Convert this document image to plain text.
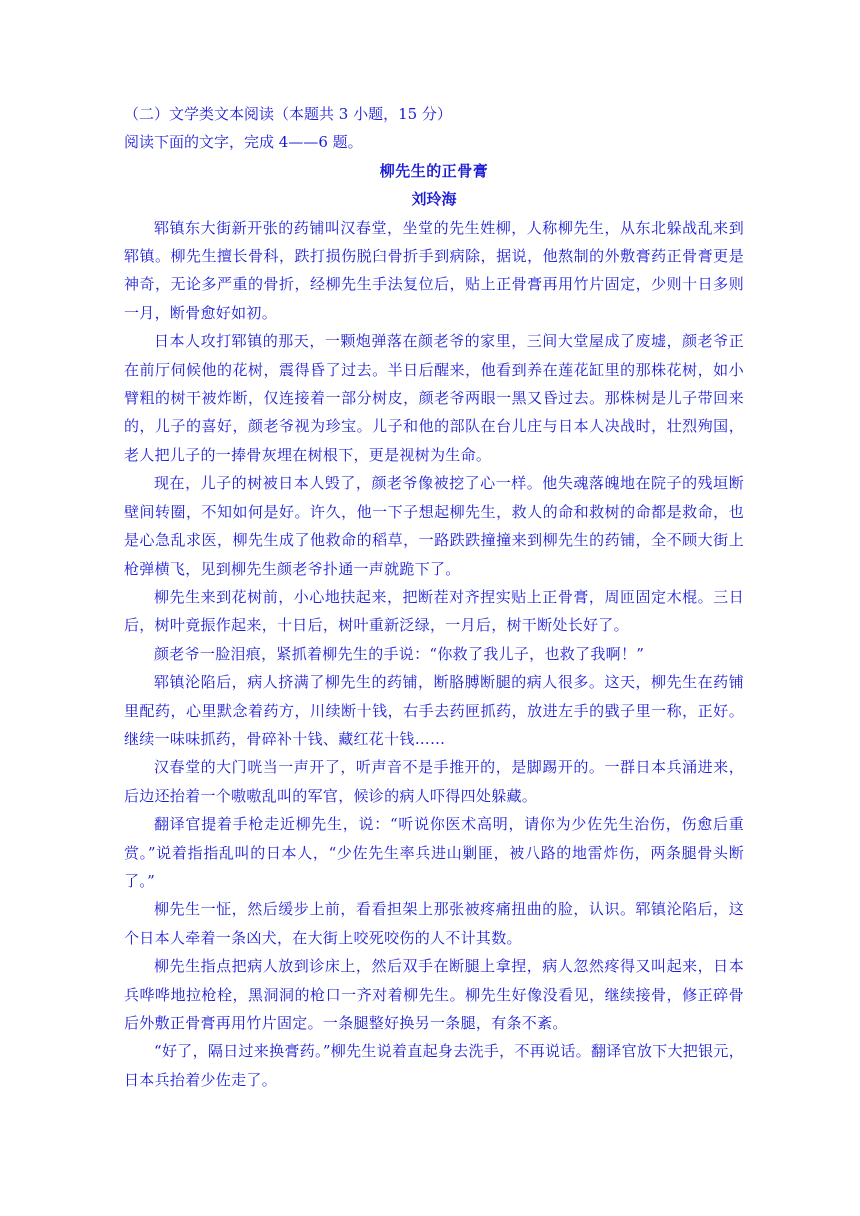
（二）文学类文本阅读（本题共 3 小题，15 分）

阅读下面的文字，完成 4——6 题。

柳先生的正骨膏

刘玲海

郓镇东大街新开张的药铺叫汉春堂，坐堂的先生姓柳，人称柳先生，从东北躲战乱来到郓镇。柳先生擅长骨科，跌打损伤脱臼骨折手到病除，据说，他熬制的外敷膏药正骨膏更是神奇，无论多严重的骨折，经柳先生手法复位后，贴上正骨膏再用竹片固定，少则十日多则一月，断骨愈好如初。

日本人攻打郓镇的那天，一颗炮弹落在颜老爷的家里，三间大堂屋成了废墟，颜老爷正在前厅伺候他的花树，震得昏了过去。半日后醒来，他看到养在莲花缸里的那株花树，如小臂粗的树干被炸断，仅连接着一部分树皮，颜老爷两眼一黑又昏过去。那株树是儿子带回来的，儿子的喜好，颜老爷视为珍宝。儿子和他的部队在台儿庄与日本人决战时，壮烈殉国，老人把儿子的一捧骨灰埋在树根下，更是视树为生命。

现在，儿子的树被日本人毁了，颜老爷像被挖了心一样。他失魂落魄地在院子的残垣断壁间转圈，不知如何是好。许久，他一下子想起柳先生，救人的命和救树的命都是救命，也是心急乱求医，柳先生成了他救命的稻草，一路跌跌撞撞来到柳先生的药铺，全不顾大街上枪弹横飞，见到柳先生颜老爷扑通一声就跪下了。

柳先生来到花树前，小心地扶起来，把断茬对齐捏实贴上正骨膏，周匝固定木棍。三日后，树叶竟振作起来，十日后，树叶重新泛绿，一月后，树干断处长好了。

颜老爷一脸泪痕，紧抓着柳先生的手说：“你救了我儿子，也救了我啊！”

郓镇沦陷后，病人挤满了柳先生的药铺，断胳膊断腿的病人很多。这天，柳先生在药铺里配药，心里默念着药方，川续断十钱，右手去药匣抓药，放进左手的戥子里一称，正好。继续一味味抓药，骨碎补十钱、藏红花十钱……

汉春堂的大门咣当一声开了，听声音不是手推开的，是脚踢开的。一群日本兵涌进来，后边还抬着一个嗷嗷乱叫的军官，候诊的病人吓得四处躲藏。

翻译官提着手枪走近柳先生，说：“听说你医术高明，请你为少佐先生治伤，伤愈后重赏。”说着指指乱叫的日本人，“少佐先生率兵进山剿匪，被八路的地雷炸伤，两条腿骨头断了。”

柳先生一怔，然后缓步上前，看看担架上那张被疼痛扭曲的脸，认识。郓镇沦陷后，这个日本人牵着一条凶犬，在大街上咬死咬伤的人不计其数。

柳先生指点把病人放到诊床上，然后双手在断腿上拿捏，病人忽然疼得又叫起来，日本兵哗哗地拉枪栓，黑洞洞的枪口一齐对着柳先生。柳先生好像没看见，继续接骨，修正碎骨后外敷正骨膏再用竹片固定。一条腿整好换另一条腿，有条不紊。

“好了，隔日过来换膏药。”柳先生说着直起身去洗手，不再说话。翻译官放下大把银元，日本兵抬着少佐走了。
